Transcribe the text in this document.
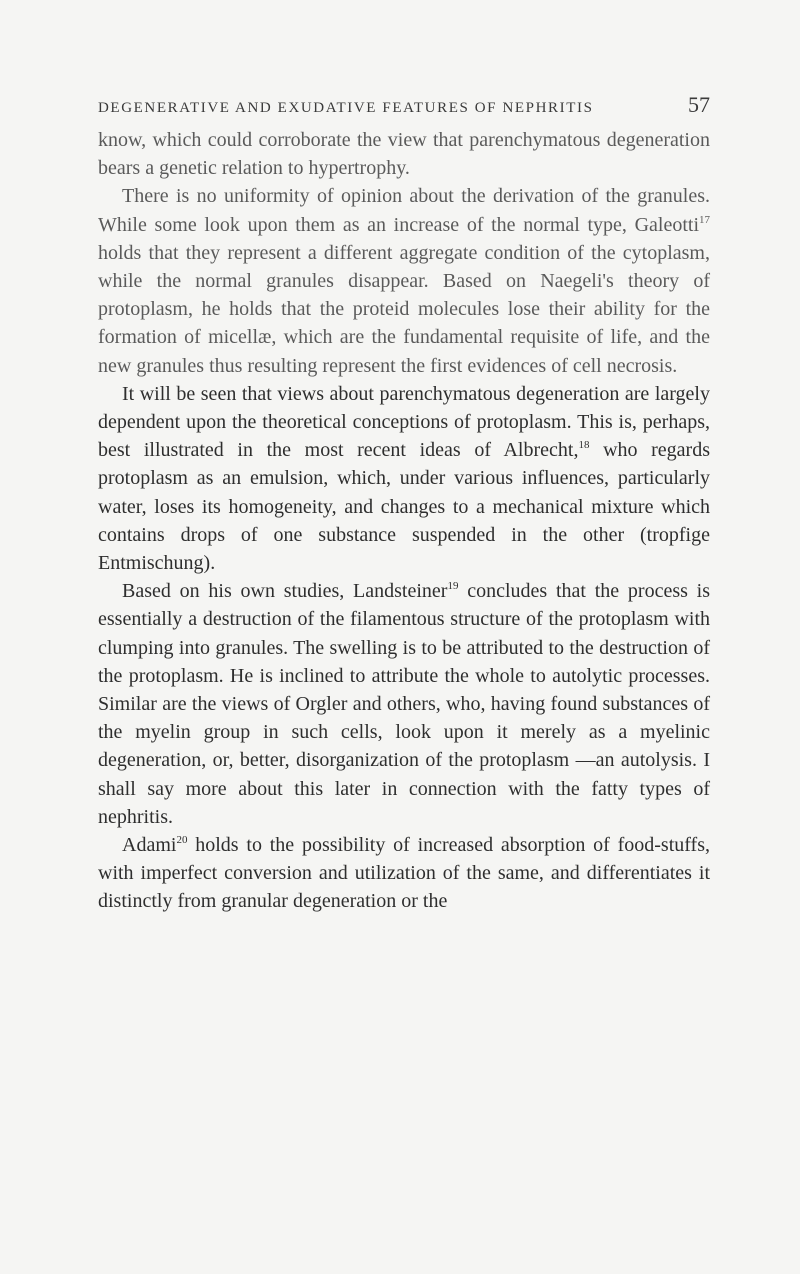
DEGENERATIVE AND EXUDATIVE FEATURES OF NEPHRITIS	57

know, which could corroborate the view that parenchymatous degeneration bears a genetic relation to hypertrophy.

There is no uniformity of opinion about the derivation of the granules. While some look upon them as an increase of the normal type, Galeotti$^{17}$ holds that they represent a different aggregate condition of the cytoplasm, while the normal granules disappear. Based on Naegeli's theory of protoplasm, he holds that the proteid molecules lose their ability for the formation of micellæ, which are the fundamental requisite of life, and the new granules thus resulting represent the first evidences of cell necrosis.

It will be seen that views about parenchymatous degeneration are largely dependent upon the theoretical conceptions of protoplasm. This is, perhaps, best illustrated in the most recent ideas of Albrecht,$^{18}$ who regards protoplasm as an emulsion, which, under various influences, particularly water, loses its homogeneity, and changes to a mechanical mixture which contains drops of one substance suspended in the other (tropfige Entmischung).

Based on his own studies, Landsteiner$^{19}$ concludes that the process is essentially a destruction of the filamentous structure of the protoplasm with clumping into granules. The swelling is to be attributed to the destruction of the protoplasm. He is inclined to attribute the whole to autolytic processes. Similar are the views of Orgler and others, who, having found substances of the myelin group in such cells, look upon it merely as a myelinic degeneration, or, better, disorganization of the protoplasm —an autolysis. I shall say more about this later in connection with the fatty types of nephritis.

Adami$^{20}$ holds to the possibility of increased absorption of food-stuffs, with imperfect conversion and utilization of the same, and differentiates it distinctly from granular degeneration or the
